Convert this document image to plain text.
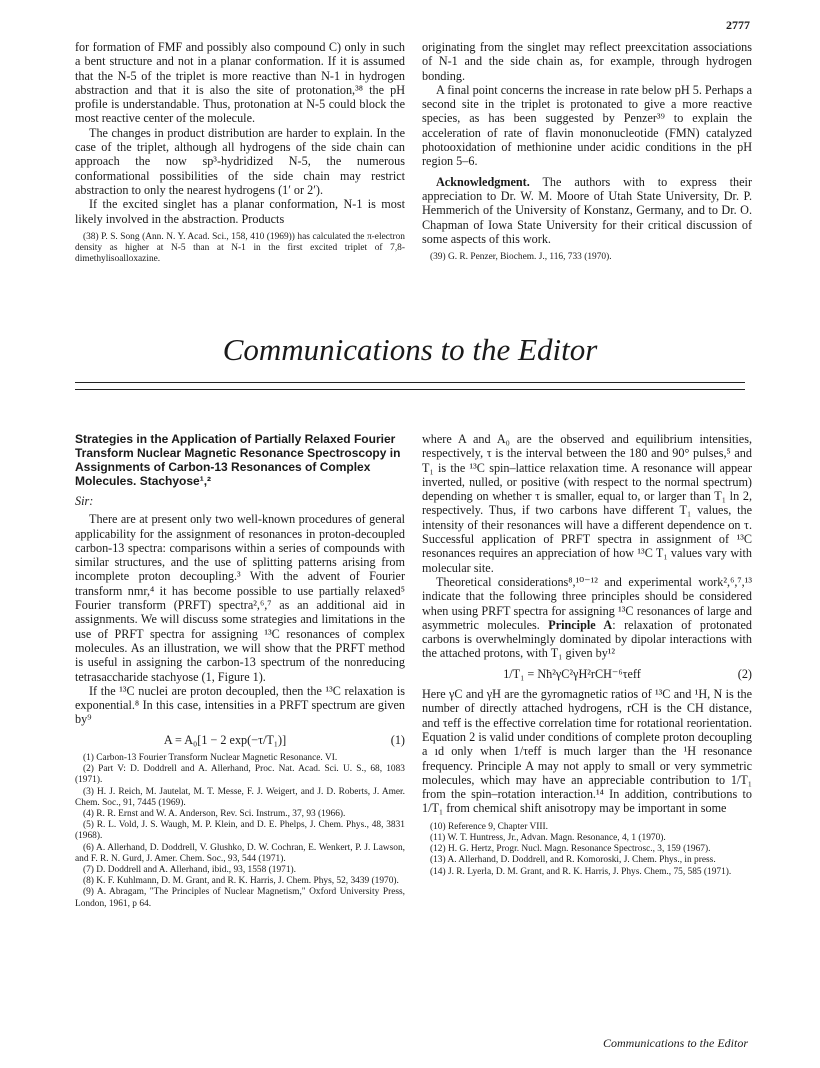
2777

for formation of FMF and possibly also compound C) only in such a bent structure and not in a planar conformation. If it is assumed that the N-5 of the triplet is more reactive than N-1 in hydrogen abstraction and that it is also the site of protonation,³⁸ the pH profile is understandable. Thus, protonation at N-5 could block the most reactive center of the molecule.

The changes in product distribution are harder to explain. In the case of the triplet, although all hydrogens of the side chain can approach the now sp³-hydridized N-5, the numerous conformational possibilities of the side chain may restrict abstraction to only the nearest hydrogens (1′ or 2′).

If the excited singlet has a planar conformation, N-1 is most likely involved in the abstraction. Products

(38) P. S. Song (Ann. N. Y. Acad. Sci., 158, 410 (1969)) has calculated the π-electron density as higher at N-5 than at N-1 in the first excited triplet of 7,8-dimethylisoalloxazine.

originating from the singlet may reflect preexcitation associations of N-1 and the side chain as, for example, through hydrogen bonding.

A final point concerns the increase in rate below pH 5. Perhaps a second site in the triplet is protonated to give a more reactive species, as has been suggested by Penzer³⁹ to explain the acceleration of rate of flavin mononucleotide (FMN) catalyzed photooxidation of methionine under acidic conditions in the pH region 5–6.

Acknowledgment. The authors with to express their appreciation to Dr. W. M. Moore of Utah State University, Dr. P. Hemmerich of the University of Konstanz, Germany, and to Dr. O. Chapman of Iowa State University for their critical discussion of some aspects of this work.

(39) G. R. Penzer, Biochem. J., 116, 733 (1970).

Communications to the Editor

Strategies in the Application of Partially Relaxed Fourier Transform Nuclear Magnetic Resonance Spectroscopy in Assignments of Carbon-13 Resonances of Complex Molecules. Stachyose¹,²

Sir:

There are at present only two well-known procedures of general applicability for the assignment of resonances in proton-decoupled carbon-13 spectra: comparisons within a series of compounds with similar structures, and the use of splitting patterns arising from incomplete proton decoupling.³ With the advent of Fourier transform nmr,⁴ it has become possible to use partially relaxed⁵ Fourier transform (PRFT) spectra²,⁶,⁷ as an additional aid in assignments. We will discuss some strategies and limitations in the use of PRFT spectra for assigning ¹³C resonances of complex molecules. As an illustration, we will show that the PRFT method is useful in assigning the carbon-13 spectrum of the nonreducing tetrasaccharide stachyose (1, Figure 1).

If the ¹³C nuclei are proton decoupled, then the ¹³C relaxation is exponential.⁸ In this case, intensities in a PRFT spectrum are given by⁹

A = A₀[1 − 2 exp(−τ/T₁)]	(1)

(1) Carbon-13 Fourier Transform Nuclear Magnetic Resonance. VI.

(2) Part V: D. Doddrell and A. Allerhand, Proc. Nat. Acad. Sci. U. S., 68, 1083 (1971).

(3) H. J. Reich, M. Jautelat, M. T. Messe, F. J. Weigert, and J. D. Roberts, J. Amer. Chem. Soc., 91, 7445 (1969).

(4) R. R. Ernst and W. A. Anderson, Rev. Sci. Instrum., 37, 93 (1966).

(5) R. L. Vold, J. S. Waugh, M. P. Klein, and D. E. Phelps, J. Chem. Phys., 48, 3831 (1968).

(6) A. Allerhand, D. Doddrell, V. Glushko, D. W. Cochran, E. Wenkert, P. J. Lawson, and F. R. N. Gurd, J. Amer. Chem. Soc., 93, 544 (1971).

(7) D. Doddrell and A. Allerhand, ibid., 93, 1558 (1971).

(8) K. F. Kuhlmann, D. M. Grant, and R. K. Harris, J. Chem. Phys, 52, 3439 (1970).

(9) A. Abragam, "The Principles of Nuclear Magnetism," Oxford University Press, London, 1961, p 64.

where A and A₀ are the observed and equilibrium intensities, respectively, τ is the interval between the 180 and 90° pulses,⁵ and T₁ is the ¹³C spin–lattice relaxation time. A resonance will appear inverted, nulled, or positive (with respect to the normal spectrum) depending on whether τ is smaller, equal to, or larger than T₁ ln 2, respectively. Thus, if two carbons have different T₁ values, the intensity of their resonances will have a different dependence on τ. Successful application of PRFT spectra in assignment of ¹³C resonances requires an appreciation of how ¹³C T₁ values vary with molecular site.

Theoretical considerations⁸,¹⁰⁻¹² and experimental work²,⁶,⁷,¹³ indicate that the following three principles should be considered when using PRFT spectra for assigning ¹³C resonances of large and asymmetric molecules. Principle A: relaxation of protonated carbons is overwhelmingly dominated by dipolar interactions with the attached protons, with T₁ given by¹²

1/T₁ = Nħ²γC²γH²rCH⁻⁶τeff	(2)

Here γC and γH are the gyromagnetic ratios of ¹³C and ¹H, N is the number of directly attached hydrogens, rCH is the CH distance, and τeff is the effective correlation time for rotational reorientation. Equation 2 is valid under conditions of complete proton decoupling a ıd only when 1/τeff is much larger than the ¹H resonance frequency. Principle A may not apply to small or very symmetric molecules, which may have an appreciable contribution to 1/T₁ from the spin–rotation interaction.¹⁴ In addition, contributions to 1/T₁ from chemical shift anisotropy may be important in some

(10) Reference 9, Chapter VIII.

(11) W. T. Huntress, Jr., Advan. Magn. Resonance, 4, 1 (1970).

(12) H. G. Hertz, Progr. Nucl. Magn. Resonance Spectrosc., 3, 159 (1967).

(13) A. Allerhand, D. Doddrell, and R. Komoroski, J. Chem. Phys., in press.

(14) J. R. Lyerla, D. M. Grant, and R. K. Harris, J. Phys. Chem., 75, 585 (1971).

Communications to the Editor
